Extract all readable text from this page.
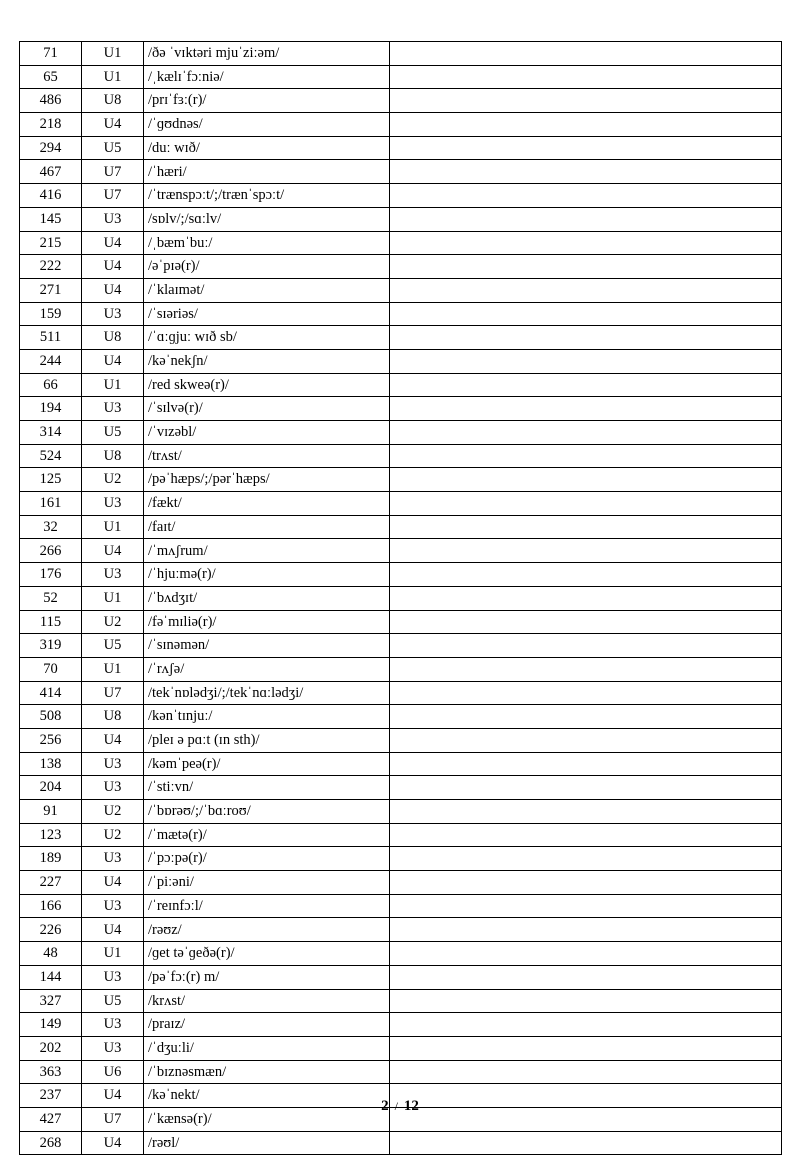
71	U1	/ðə ˈvɪktəri mjuˈziːəm/	
65	U1	/ˌkælɪˈfɔːniə/	
486	U8	/prɪˈfɜː(r)/	
218	U4	/ˈɡʊdnəs/	
294	U5	/duː wɪð/	
467	U7	/ˈhæri/	
416	U7	/ˈtrænspɔːt/;/trænˈspɔːt/	
145	U3	/sɒlv/;/sɑːlv/	
215	U4	/ˌbæmˈbuː/	
222	U4	/əˈpɪə(r)/	
271	U4	/ˈklaɪmət/	
159	U3	/ˈsɪəriəs/	
511	U8	/ˈɑːɡjuː wɪð sb/	
244	U4	/kəˈnekʃn/	
66	U1	/red skweə(r)/	
194	U3	/ˈsɪlvə(r)/	
314	U5	/ˈvɪzəbl/	
524	U8	/trʌst/	
125	U2	/pəˈhæps/;/pərˈhæps/	
161	U3	/fækt/	
32	U1	/faɪt/	
266	U4	/ˈmʌʃrum/	
176	U3	/ˈhjuːmə(r)/	
52	U1	/ˈbʌdʒɪt/	
115	U2	/fəˈmɪliə(r)/	
319	U5	/ˈsɪnəmən/	
70	U1	/ˈrʌʃə/	
414	U7	/tekˈnɒlədʒi/;/tekˈnɑːlədʒi/	
508	U8	/kənˈtɪnjuː/	
256	U4	/pleɪ ə pɑːt (ɪn sth)/	
138	U3	/kəmˈpeə(r)/	
204	U3	/ˈstiːvn/	
91	U2	/ˈbɒrəʊ/;/ˈbɑːroʊ/	
123	U2	/ˈmætə(r)/	
189	U3	/ˈpɔːpə(r)/	
227	U4	/ˈpiːəni/	
166	U3	/ˈreɪnfɔːl/	
226	U4	/rəʊz/	
48	U1	/ɡet təˈɡeðə(r)/	
144	U3	/pəˈfɔː(r) m/	
327	U5	/krʌst/	
149	U3	/praɪz/	
202	U3	/ˈdʒuːli/	
363	U6	/ˈbɪznəsmæn/	
237	U4	/kəˈnekt/	
427	U7	/ˈkænsə(r)/	
268	U4	/rəʊl/	
2 / 12
